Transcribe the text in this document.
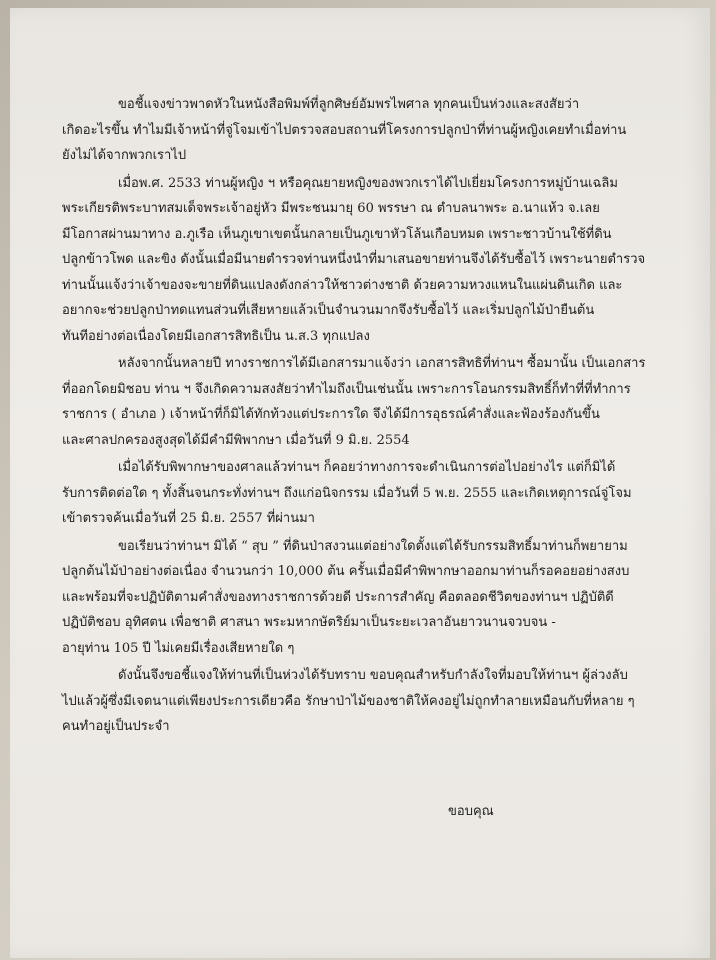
ขอชี้แจงข่าวพาดหัวในหนังสือพิมพ์ที่ลูกศิษย์อัมพรไพศาล ทุกคนเป็นห่วงและสงสัยว่า
เกิดอะไรขึ้น ทำไมมีเจ้าหน้าที่จู่โจมเข้าไปตรวจสอบสถานที่โครงการปลูกป่าที่ท่านผู้หญิงเคยทำเมื่อท่าน
ยังไม่ได้จากพวกเราไป

เมื่อพ.ศ. 2533 ท่านผู้หญิง ฯ หรือคุณยายหญิงของพวกเราได้ไปเยี่ยมโครงการหมู่บ้านเฉลิม
พระเกียรติพระบาทสมเด็จพระเจ้าอยู่หัว มีพระชนมายุ 60 พรรษา ณ ตำบลนาพระ อ.นาแห้ว จ.เลย
มีโอกาสผ่านมาทาง อ.ภูเรือ เห็นภูเขาเขตนั้นกลายเป็นภูเขาหัวโล้นเกือบหมด เพราะชาวบ้านใช้ที่ดิน
ปลูกข้าวโพด และขิง ดังนั้นเมื่อมีนายตำรวจท่านหนึ่งนำที่มาเสนอขายท่านจึงได้รับซื้อไว้ เพราะนายตำรวจ
ท่านนั้นแจ้งว่าเจ้าของจะขายที่ดินแปลงดังกล่าวให้ชาวต่างชาติ ด้วยความหวงแหนในแผ่นดินเกิด และ
อยากจะช่วยปลูกป่าทดแทนส่วนที่เสียหายแล้วเป็นจำนวนมากจึงรับซื้อไว้ และเริ่มปลูกไม้ป่ายืนต้น
ทันทีอย่างต่อเนื่องโดยมีเอกสารสิทธิเป็น น.ส.3 ทุกแปลง

หลังจากนั้นหลายปี ทางราชการได้มีเอกสารมาแจ้งว่า เอกสารสิทธิที่ท่านฯ ซื้อมานั้น เป็นเอกสาร
ที่ออกโดยมิชอบ ท่าน ฯ จึงเกิดความสงสัยว่าทำไมถึงเป็นเช่นนั้น เพราะการโอนกรรมสิทธิ์ก็ทำที่ที่ทำการ
ราชการ ( อำเภอ ) เจ้าหน้าที่ก็มิได้ทักท้วงแต่ประการใด จึงได้มีการอุธรณ์คำสั่งและฟ้องร้องกันขึ้น
และศาลปกครองสูงสุดได้มีคำมีพิพากษา เมื่อวันที่ 9 มิ.ย. 2554

เมื่อได้รับพิพากษาของศาลแล้วท่านฯ ก็คอยว่าทางการจะดำเนินการต่อไปอย่างไร แต่ก็มิได้
รับการติดต่อใด ๆ ทั้งสิ้นจนกระทั่งท่านฯ ถึงแก่อนิจกรรม เมื่อวันที่ 5 พ.ย. 2555 และเกิดเหตุการณ์จู่โจม
เข้าตรวจค้นเมื่อวันที่ 25 มิ.ย. 2557 ที่ผ่านมา

ขอเรียนว่าท่านฯ มิได้ “ สุบ ” ที่ดินป่าสงวนแต่อย่างใดตั้งแต่ได้รับกรรมสิทธิ์มาท่านก็พยายาม
ปลูกต้นไม้ป่าอย่างต่อเนื่อง จำนวนกว่า 10,000 ต้น ครั้นเมื่อมีคำพิพากษาออกมาท่านก็รอคอยอย่างสงบ
และพร้อมที่จะปฏิบัติตามคำสั่งของทางราชการด้วยดี ประการสำคัญ คือตลอดชีวิตของท่านฯ ปฏิบัติดี
ปฏิบัติชอบ อุทิศตน เพื่อชาติ ศาสนา พระมหากษัตริย์มาเป็นระยะเวลาอันยาวนานจวบจน -
อายุท่าน 105 ปี ไม่เคยมีเรื่องเสียหายใด ๆ

ดังนั้นจึงขอชี้แจงให้ท่านที่เป็นห่วงได้รับทราบ ขอบคุณสำหรับกำลังใจที่มอบให้ท่านฯ ผู้ล่วงลับ
ไปแล้วผู้ซึ่งมีเจตนาแต่เพียงประการเดียวคือ รักษาป่าไม้ของชาติให้คงอยู่ไม่ถูกทำลายเหมือนกับที่หลาย ๆ
คนทำอยู่เป็นประจำ

ขอบคุณ
